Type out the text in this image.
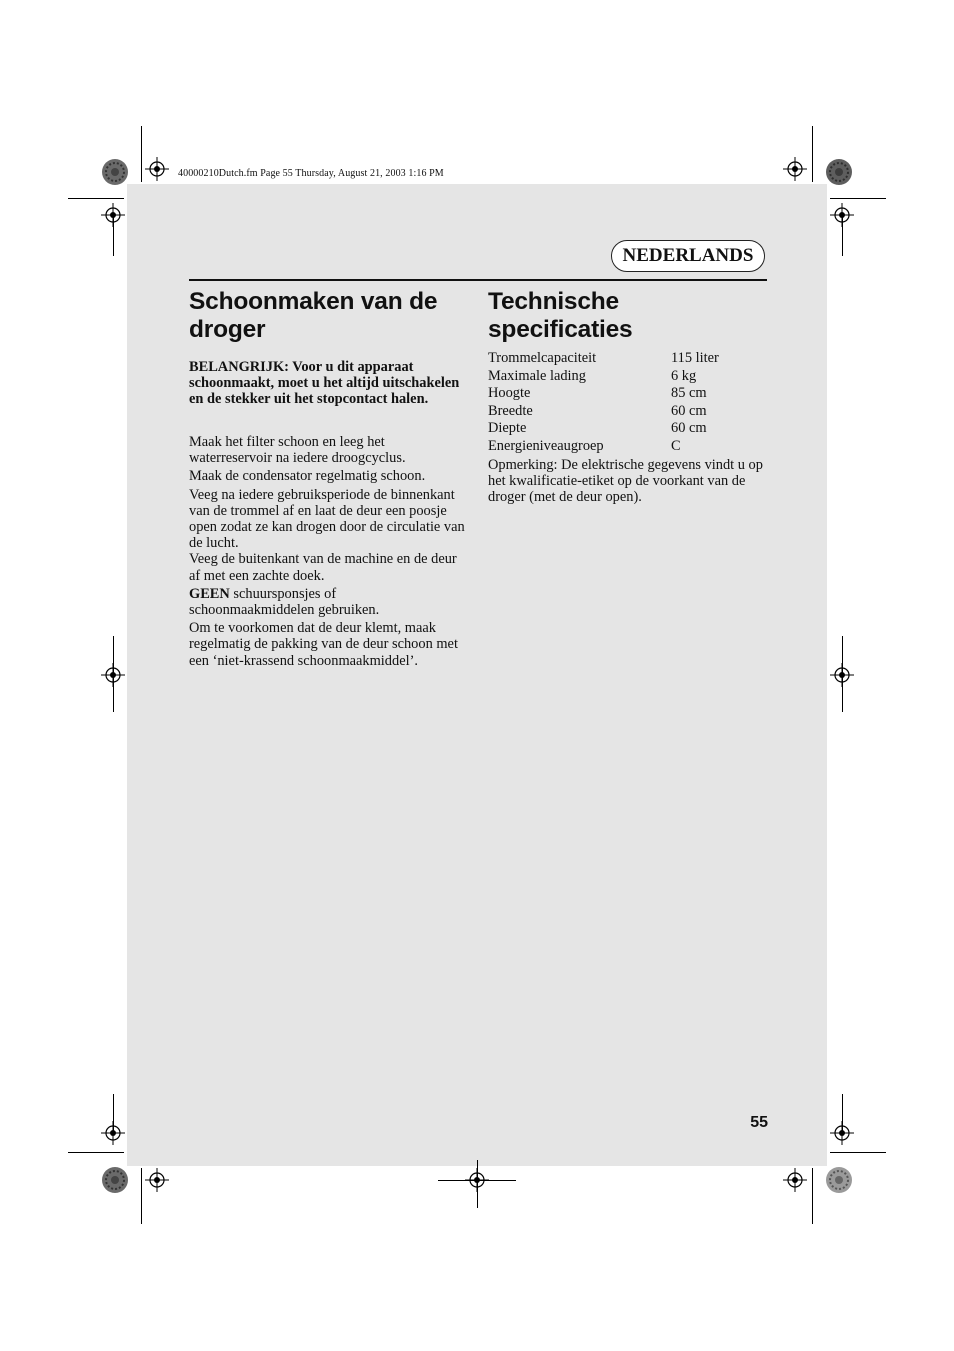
40000210Dutch.fm Page 55 Thursday, August 21, 2003 1:16 PM
NEDERLANDS
Schoonmaken van de droger

BELANGRIJK: Voor u dit apparaat schoonmaakt, moet u het altijd uitschakelen en de stekker uit het stopcontact halen.

Maak het filter schoon en leeg het waterreservoir na iedere droogcyclus.

Maak de condensator regelmatig schoon.

Veeg na iedere gebruiksperiode de binnenkant van de trommel af en laat de deur een poosje open zodat ze kan drogen door de circulatie van de lucht.

Veeg de buitenkant van de machine en de deur af met een zachte doek.

GEEN schuursponsjes of schoonmaakmiddelen gebruiken.

Om te voorkomen dat de deur klemt, maak regelmatig de pakking van de deur schoon met een ‘niet-krassend schoonmaakmiddel’.

Technische specificaties
Trommelcapaciteit	115 liter
Maximale lading	6 kg
Hoogte	85 cm
Breedte	60 cm
Diepte	60 cm
Energieniveaugroep	C

Opmerking: De elektrische gegevens vindt u op het kwalificatie-etiket op de voorkant van de droger (met de deur open).

55
